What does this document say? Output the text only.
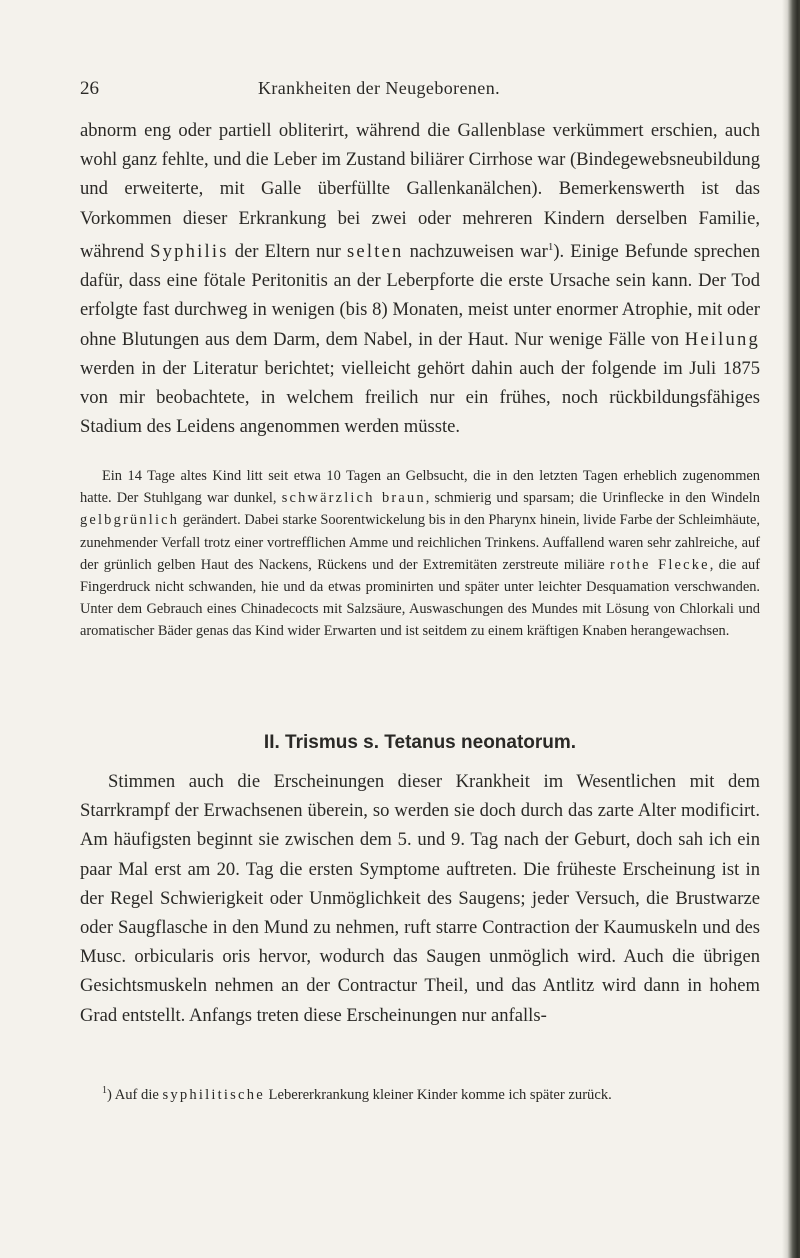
26	Krankheiten der Neugeborenen.

abnorm eng oder partiell obliterirt, während die Gallenblase verkümmert erschien, auch wohl ganz fehlte, und die Leber im Zustand biliärer Cirrhose war (Bindegewebsneubildung und erweiterte, mit Galle überfüllte Gallenkanälchen). Bemerkenswerth ist das Vorkommen dieser Erkrankung bei zwei oder mehreren Kindern derselben Familie, während Syphilis der Eltern nur selten nachzuweisen war$^1$). Einige Befunde sprechen dafür, dass eine fötale Peritonitis an der Leberpforte die erste Ursache sein kann. Der Tod erfolgte fast durchweg in wenigen (bis 8) Monaten, meist unter enormer Atrophie, mit oder ohne Blutungen aus dem Darm, dem Nabel, in der Haut. Nur wenige Fälle von Heilung werden in der Literatur berichtet; vielleicht gehört dahin auch der folgende im Juli 1875 von mir beobachtete, in welchem freilich nur ein frühes, noch rückbildungsfähiges Stadium des Leidens angenommen werden müsste.

Ein 14 Tage altes Kind litt seit etwa 10 Tagen an Gelbsucht, die in den letzten Tagen erheblich zugenommen hatte. Der Stuhlgang war dunkel, schwärzlich braun, schmierig und sparsam; die Urinflecke in den Windeln gelbgrünlich gerändert. Dabei starke Soorentwickelung bis in den Pharynx hinein, livide Farbe der Schleimhäute, zunehmender Verfall trotz einer vortrefflichen Amme und reichlichen Trinkens. Auffallend waren sehr zahlreiche, auf der grünlich gelben Haut des Nackens, Rückens und der Extremitäten zerstreute miliäre rothe Flecke, die auf Fingerdruck nicht schwanden, hie und da etwas prominirten und später unter leichter Desquamation verschwanden. Unter dem Gebrauch eines Chinadecocts mit Salzsäure, Auswaschungen des Mundes mit Lösung von Chlorkali und aromatischer Bäder genas das Kind wider Erwarten und ist seitdem zu einem kräftigen Knaben herangewachsen.

II. Trismus s. Tetanus neonatorum.

Stimmen auch die Erscheinungen dieser Krankheit im Wesentlichen mit dem Starrkrampf der Erwachsenen überein, so werden sie doch durch das zarte Alter modificirt. Am häufigsten beginnt sie zwischen dem 5. und 9. Tag nach der Geburt, doch sah ich ein paar Mal erst am 20. Tag die ersten Symptome auftreten. Die früheste Erscheinung ist in der Regel Schwierigkeit oder Unmöglichkeit des Saugens; jeder Versuch, die Brustwarze oder Saugflasche in den Mund zu nehmen, ruft starre Contraction der Kaumuskeln und des Musc. orbicularis oris hervor, wodurch das Saugen unmöglich wird. Auch die übrigen Gesichtsmuskeln nehmen an der Contractur Theil, und das Antlitz wird dann in hohem Grad entstellt. Anfangs treten diese Erscheinungen nur anfalls-

$^1$) Auf die syphilitische Lebererkrankung kleiner Kinder komme ich später zurück.
